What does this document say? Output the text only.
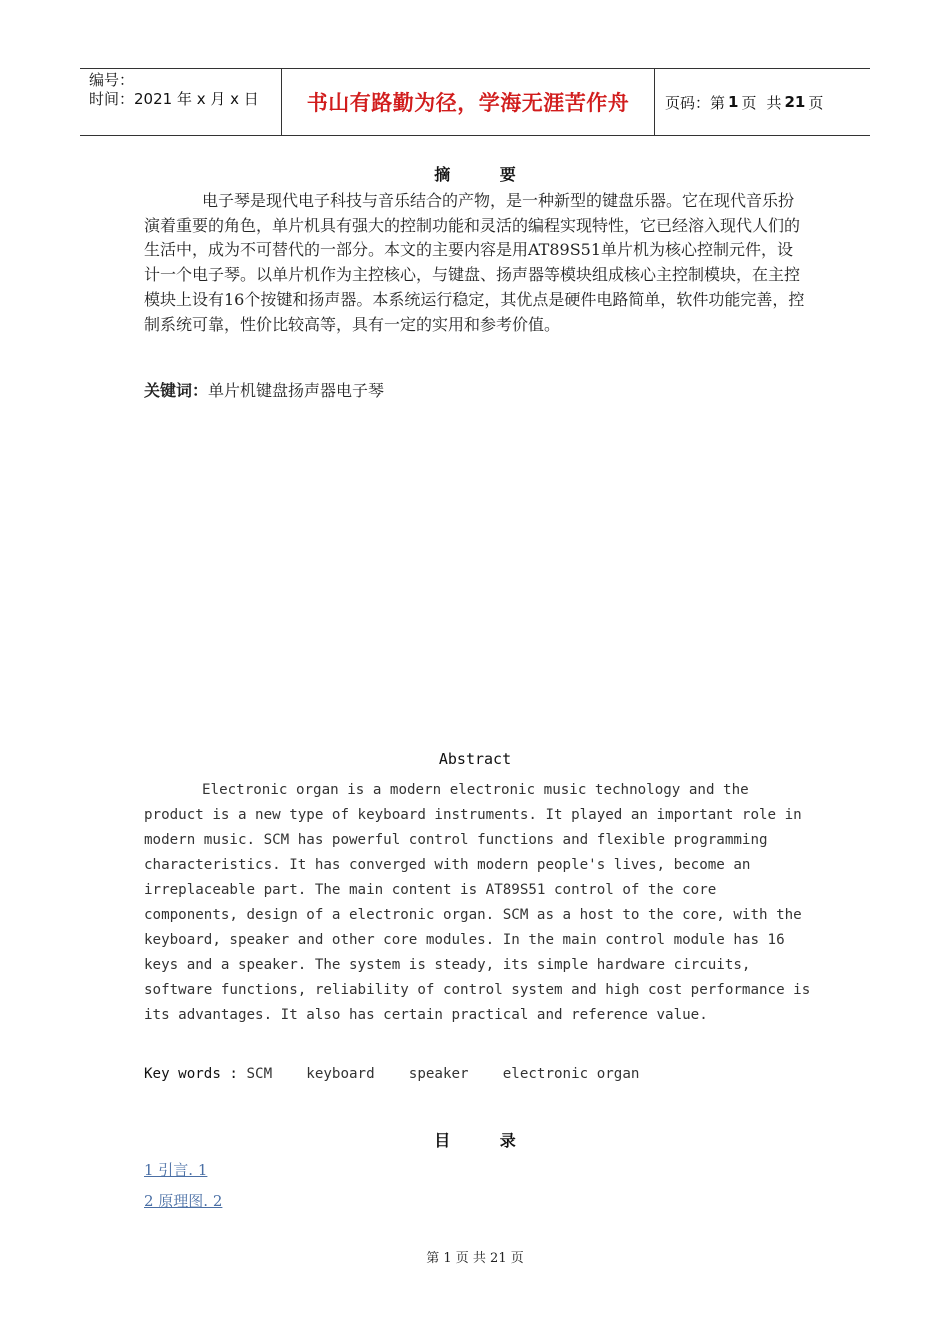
编号：
时间：2021 年 x 月 x 日	书山有路勤为径，学海无涯苦作舟 页码：第 1 页 共 21 页
摘 要

电子琴是现代电子科技与音乐结合的产物，是一种新型的键盘乐器。它在现代音乐扮演着重要的角色，单片机具有强大的控制功能和灵活的编程实现特性，它已经溶入现代人们的生活中，成为不可替代的一部分。本文的主要内容是用AT89S51单片机为核心控制元件，设计一个电子琴。以单片机作为主控核心，与键盘、扬声器等模块组成核心主控制模块，在主控模块上设有16个按键和扬声器。本系统运行稳定，其优点是硬件电路简单，软件功能完善，控制系统可靠，性价比较高等，具有一定的实用和参考价值。

关键词：单片机键盘扬声器电子琴
Abstract

Electronic organ is a modern electronic music technology and the product is a new type of keyboard instruments. It played an important role in modern music. SCM has powerful control functions and flexible programming characteristics. It has converged with modern people's lives, become an irreplaceable part. The main content is AT89S51 control of the core components, design of a electronic organ. SCM as a host to the core, with the keyboard, speaker and other core modules. In the main control module has 16 keys and a speaker. The system is steady, its simple hardware circuits, software functions, reliability of control system and high cost performance is its advantages. It also has certain practical and reference value.

Key words : SCM    keyboard    speaker    electronic organ
目 录
1 引言. 1
2 原理图. 2
第 1 页 共 21 页
